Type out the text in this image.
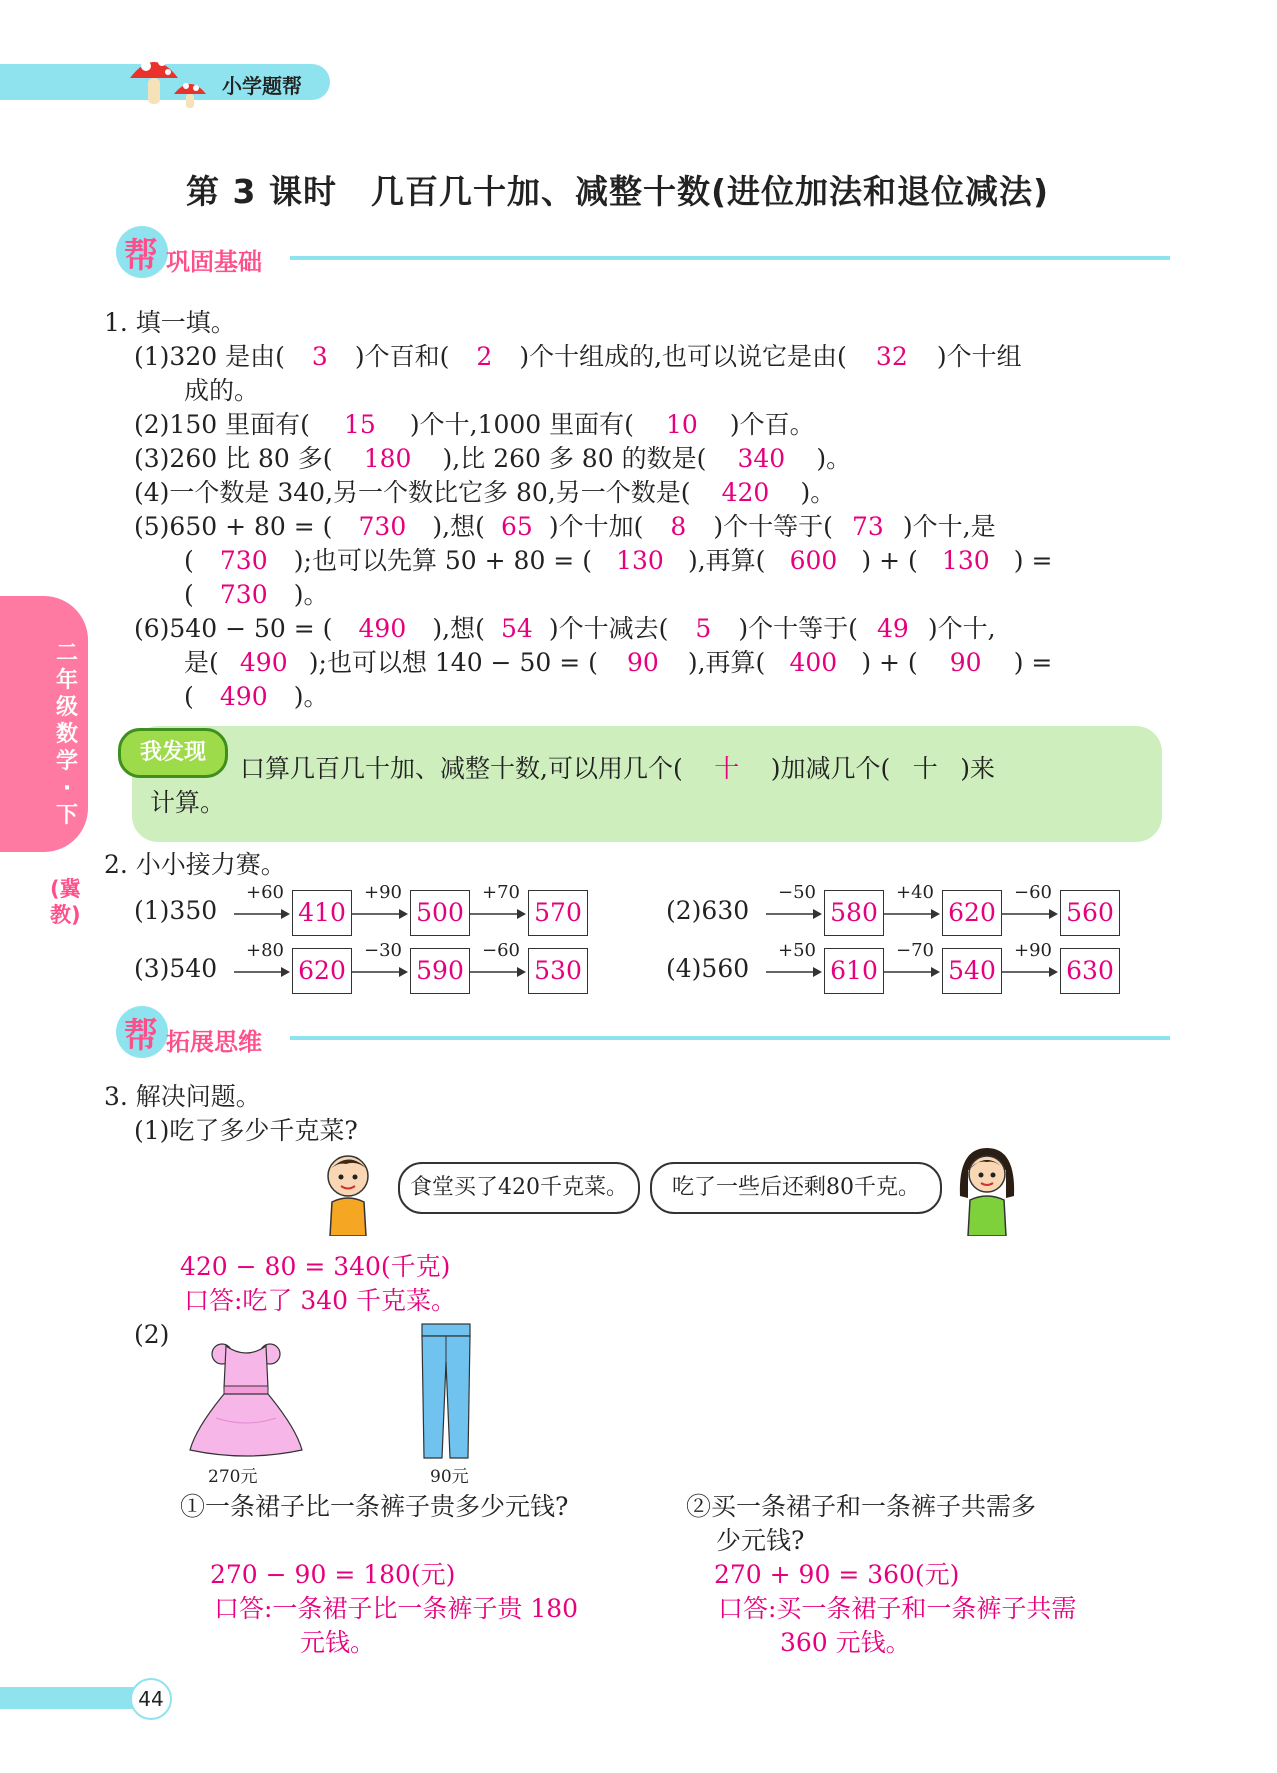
小学题帮
第 3 课时　几百几十加、减整十数(进位加法和退位减法)
帮 巩固基础
二年级数学·下
(冀教)
1. 填一填。
(1)320 是由( 3 )个百和( 2 )个十组成的,也可以说它是由( 32 )个十组
成的。
(2)150 里面有( 15 )个十,1000 里面有( 10 )个百。
(3)260 比 80 多( 180 ),比 260 多 80 的数是( 340 )。
(4)一个数是 340,另一个数比它多 80,另一个数是( 420 )。
(5)650 + 80 = ( 730 ),想( 65 )个十加( 8 )个十等于( 73 )个十,是
( 730 );也可以先算 50 + 80 = ( 130 ),再算( 600 ) + ( 130 ) =
( 730 )。
(6)540 − 50 = ( 490 ),想( 54 )个十减去( 5 )个十等于( 49 )个十,
是( 490 );也可以想 140 − 50 = ( 90 ),再算( 400 ) + ( 90 ) =
( 490 )。
我发现
口算几百几十加、减整十数,可以用几个( 十 )加减几个( 十 )来
计算。
2. 小小接力赛。
(1)350
+60
410
+90
500
+70
570	(2)630
−50
580
+40
620
−60
560
(3)540
+80
620
−30
590
−60
530	(4)560
+50
610
−70
540
+90
630
帮 拓展思维
3. 解决问题。
(1)吃了多少千克菜?
食堂买了420千克菜。	吃了一些后还剩80千克。
420 − 80 = 340(千克)
口答:吃了 340 千克菜。
(2)
270元	90元
①一条裙子比一条裤子贵多少元钱?	②买一条裙子和一条裤子共需多
少元钱?
270 − 90 = 180(元)
口答:一条裙子比一条裤子贵 180
元钱。
270 + 90 = 360(元)
口答:买一条裙子和一条裤子共需
360 元钱。
44
